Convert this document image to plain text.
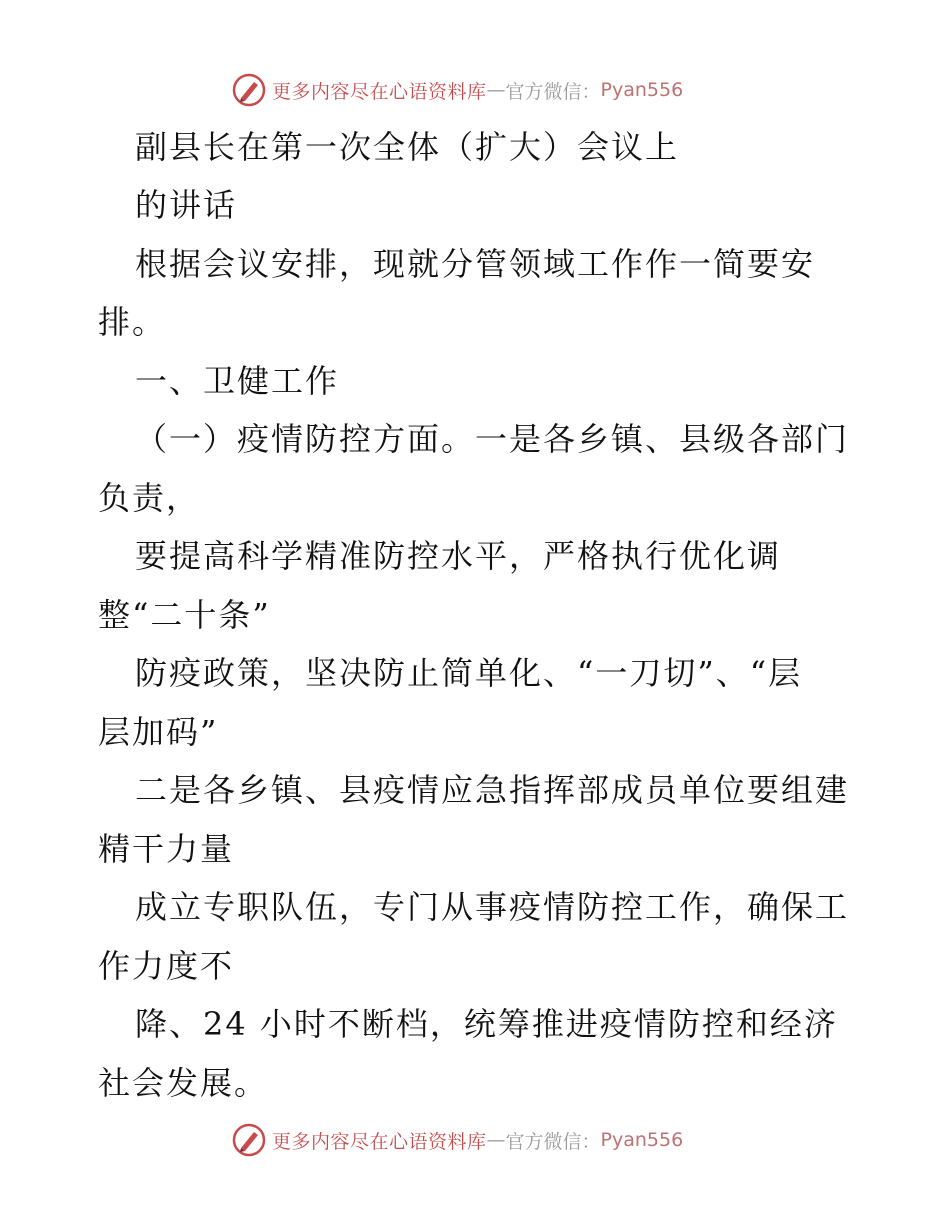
更多内容尽在心语资料库 — 官方微信： Pyan556
副县长在第一次全体（扩大）会议上
的讲话
根据会议安排，现就分管领域工作作一简要安
排。
一、卫健工作
（一）疫情防控方面。一是各乡镇、县级各部门
负责，
要提高科学精准防控水平，严格执行优化调
整“二十条”
防疫政策，坚决防止简单化、“一刀切”、“层
层加码”
二是各乡镇、县疫情应急指挥部成员单位要组建
精干力量
成立专职队伍，专门从事疫情防控工作，确保工
作力度不
降、24 小时不断档，统筹推进疫情防控和经济
社会发展。
更多内容尽在心语资料库 — 官方微信： Pyan556
